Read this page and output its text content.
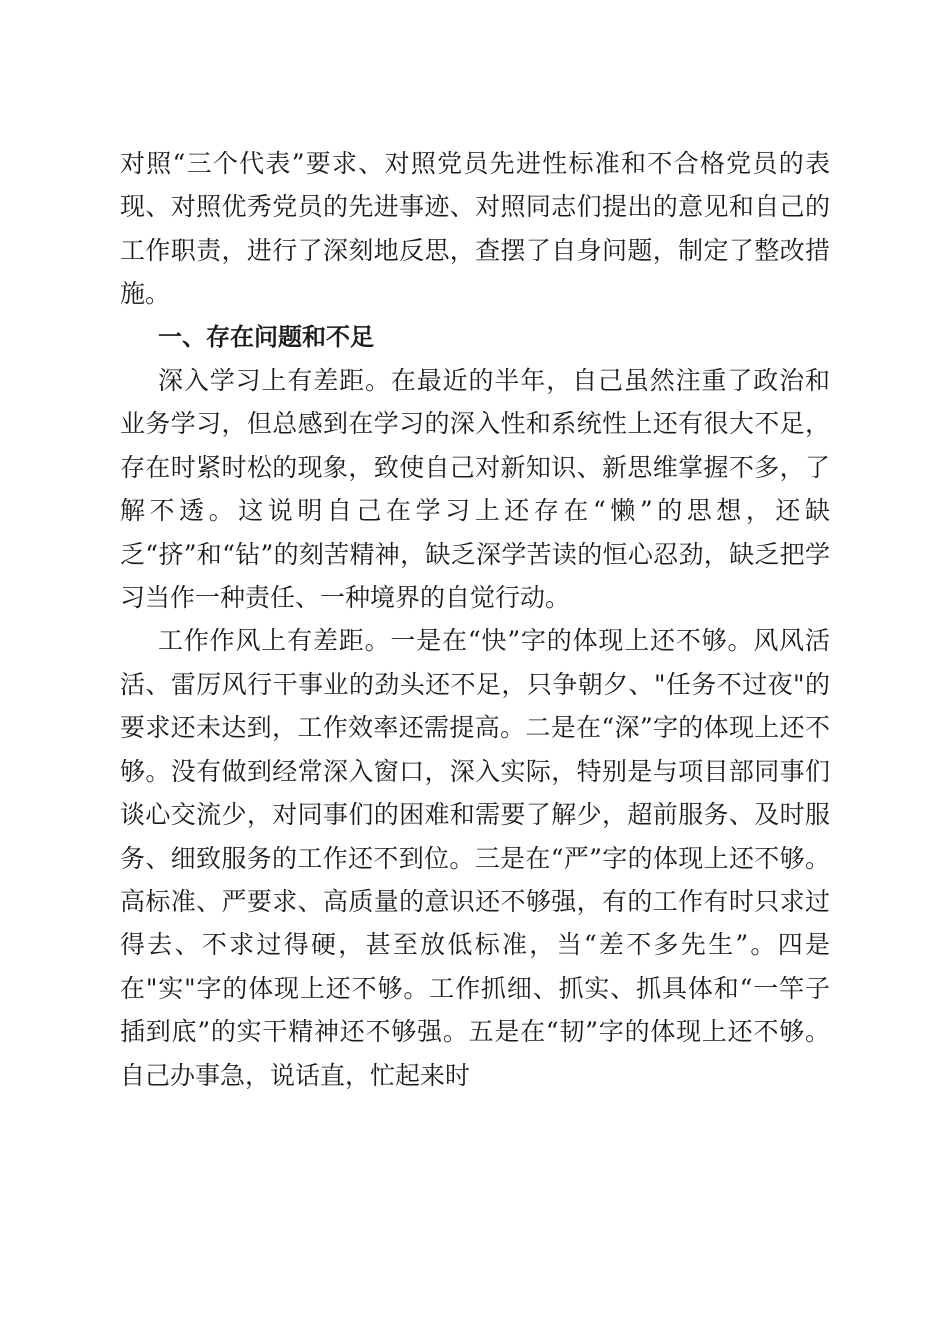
对照“三个代表”要求、对照党员先进性标准和不合格党员的表现、对照优秀党员的先进事迹、对照同志们提出的意见和自己的工作职责，进行了深刻地反思，查摆了自身问题，制定了整改措施。

一、存在问题和不足

深入学习上有差距。在最近的半年，自己虽然注重了政治和业务学习，但总感到在学习的深入性和系统性上还有很大不足，存在时紧时松的现象，致使自己对新知识、新思维掌握不多，了解不透。这说明自己在学习上还存在“懒”的思想，还缺乏“挤”和“钻”的刻苦精神，缺乏深学苦读的恒心忍劲，缺乏把学习当作一种责任、一种境界的自觉行动。

工作作风上有差距。一是在“快”字的体现上还不够。风风活活、雷厉风行干事业的劲头还不足，只争朝夕、"任务不过夜"的要求还未达到，工作效率还需提高。二是在“深”字的体现上还不够。没有做到经常深入窗口，深入实际，特别是与项目部同事们谈心交流少，对同事们的困难和需要了解少，超前服务、及时服务、细致服务的工作还不到位。三是在“严”字的体现上还不够。高标准、严要求、高质量的意识还不够强，有的工作有时只求过得去、不求过得硬，甚至放低标准，当“差不多先生”。四是在"实"字的体现上还不够。工作抓细、抓实、抓具体和“一竿子插到底”的实干精神还不够强。五是在“韧”字的体现上还不够。自己办事急，说话直，忙起来时
